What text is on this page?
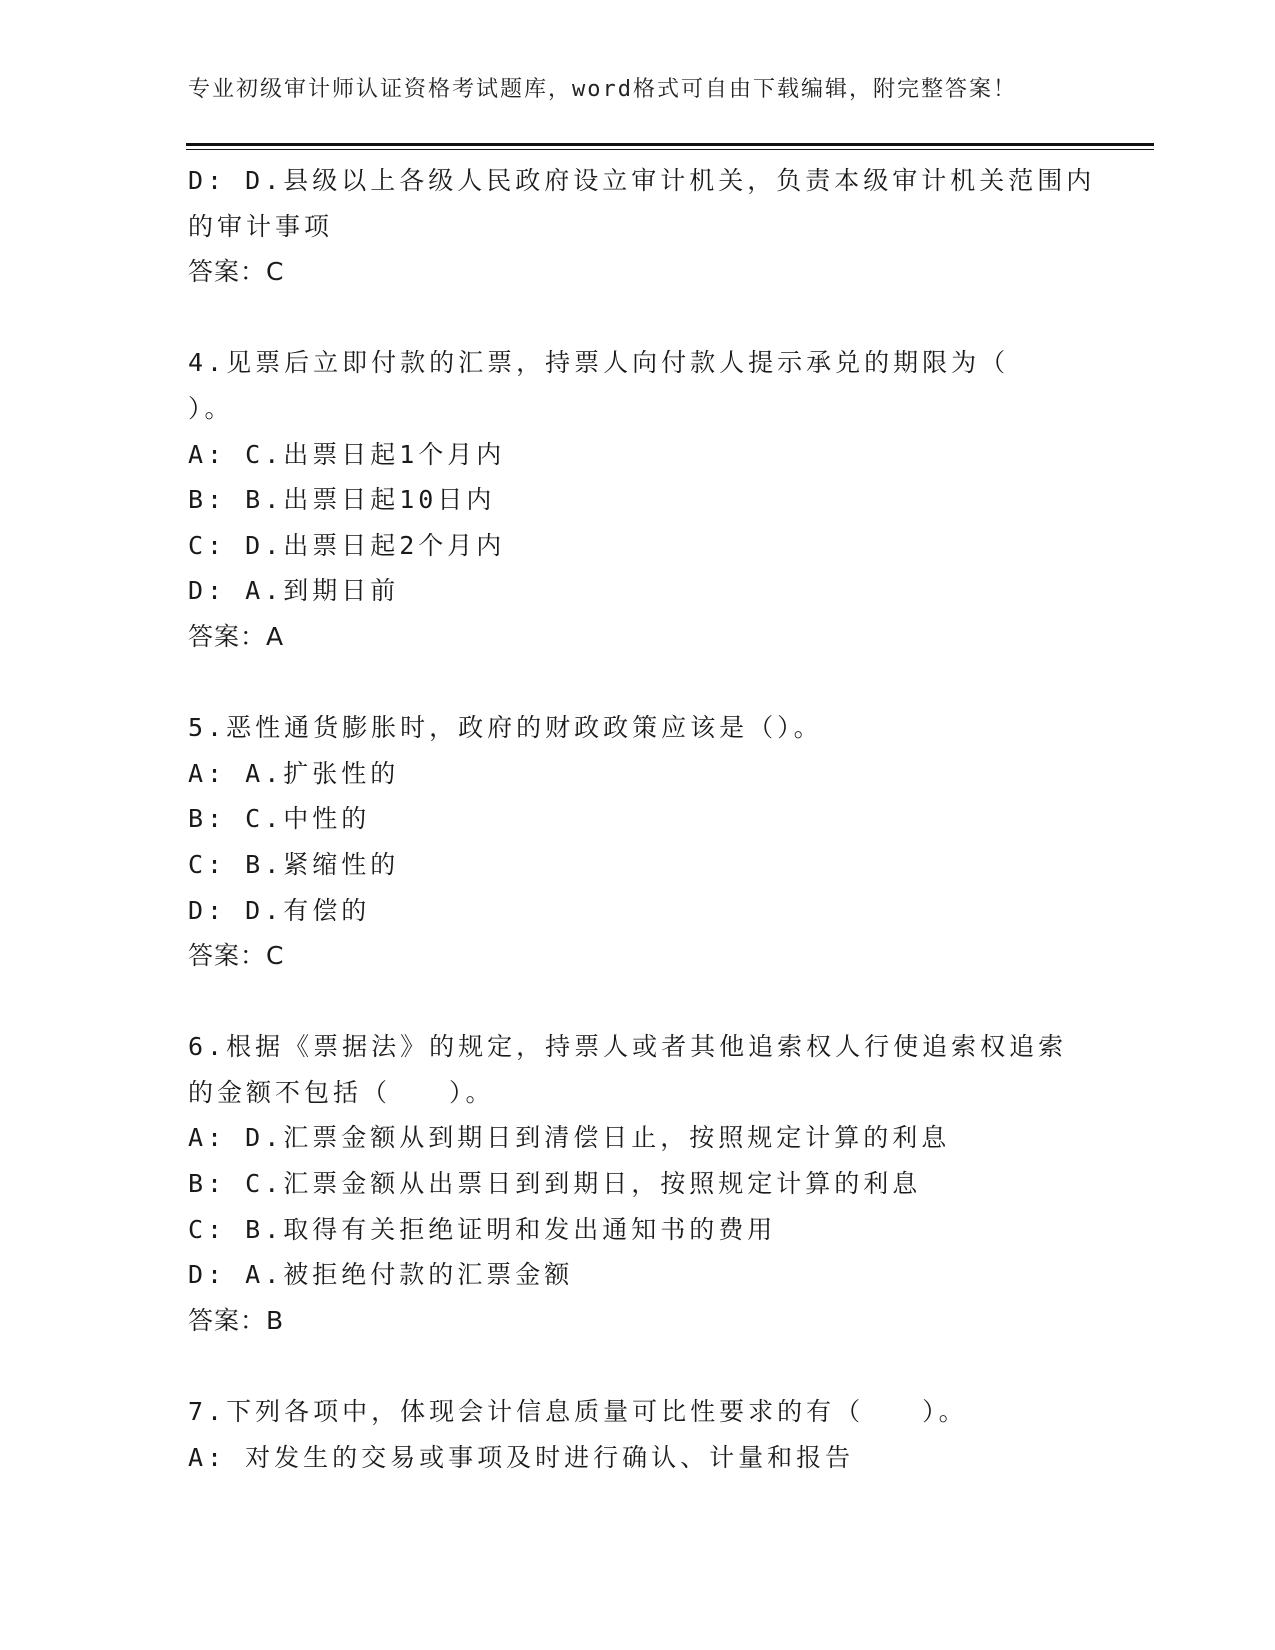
专业初级审计师认证资格考试题库，word格式可自由下载编辑，附完整答案！
D: D.县级以上各级人民政府设立审计机关，负责本级审计机关范围内
的审计事项
答案：C
4.见票后立即付款的汇票，持票人向付款人提示承兑的期限为（
）。
A: C.出票日起1个月内
B: B.出票日起10日内
C: D.出票日起2个月内
D: A.到期日前
答案：A
5.恶性通货膨胀时，政府的财政政策应该是（）。
A: A.扩张性的
B: C.中性的
C: B.紧缩性的
D: D.有偿的
答案：C
6.根据《票据法》的规定，持票人或者其他追索权人行使追索权追索
的金额不包括（　　）。
A: D.汇票金额从到期日到清偿日止，按照规定计算的利息
B: C.汇票金额从出票日到到期日，按照规定计算的利息
C: B.取得有关拒绝证明和发出通知书的费用
D: A.被拒绝付款的汇票金额
答案：B
7.下列各项中，体现会计信息质量可比性要求的有（　　）。
A: 对发生的交易或事项及时进行确认、计量和报告
